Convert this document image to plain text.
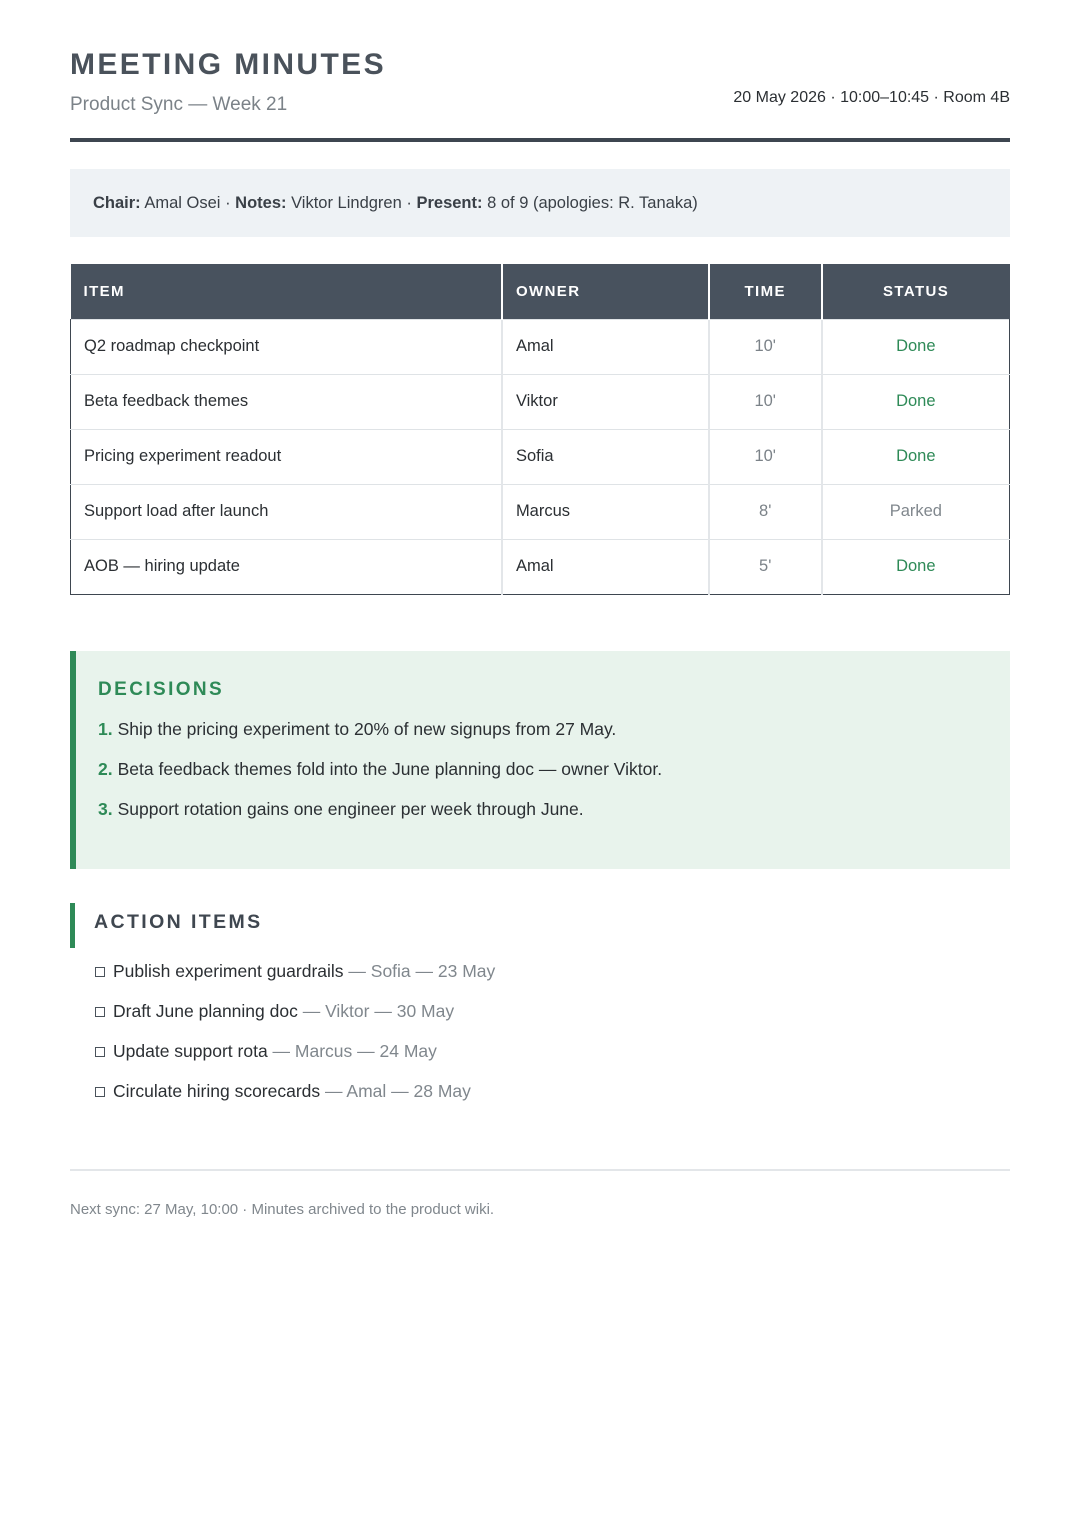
MEETING MINUTES
Product Sync — Week 21	20 May 2026 · 10:00–10:45 · Room 4B
Chair: Amal Osei · Notes: Viktor Lindgren · Present: 8 of 9 (apologies: R. Tanaka)
ITEM	OWNER	TIME	STATUS
Q2 roadmap checkpoint	Amal	10'	Done
Beta feedback themes	Viktor	10'	Done
Pricing experiment readout	Sofia	10'	Done
Support load after launch	Marcus	8'	Parked
AOB — hiring update	Amal	5'	Done
DECISIONS
1. Ship the pricing experiment to 20% of new signups from 27 May.
2. Beta feedback themes fold into the June planning doc — owner Viktor.
3. Support rotation gains one engineer per week through June.
ACTION ITEMS
Publish experiment guardrails — Sofia — 23 May
Draft June planning doc — Viktor — 30 May
Update support rota — Marcus — 24 May
Circulate hiring scorecards — Amal — 28 May
Next sync: 27 May, 10:00 · Minutes archived to the product wiki.
